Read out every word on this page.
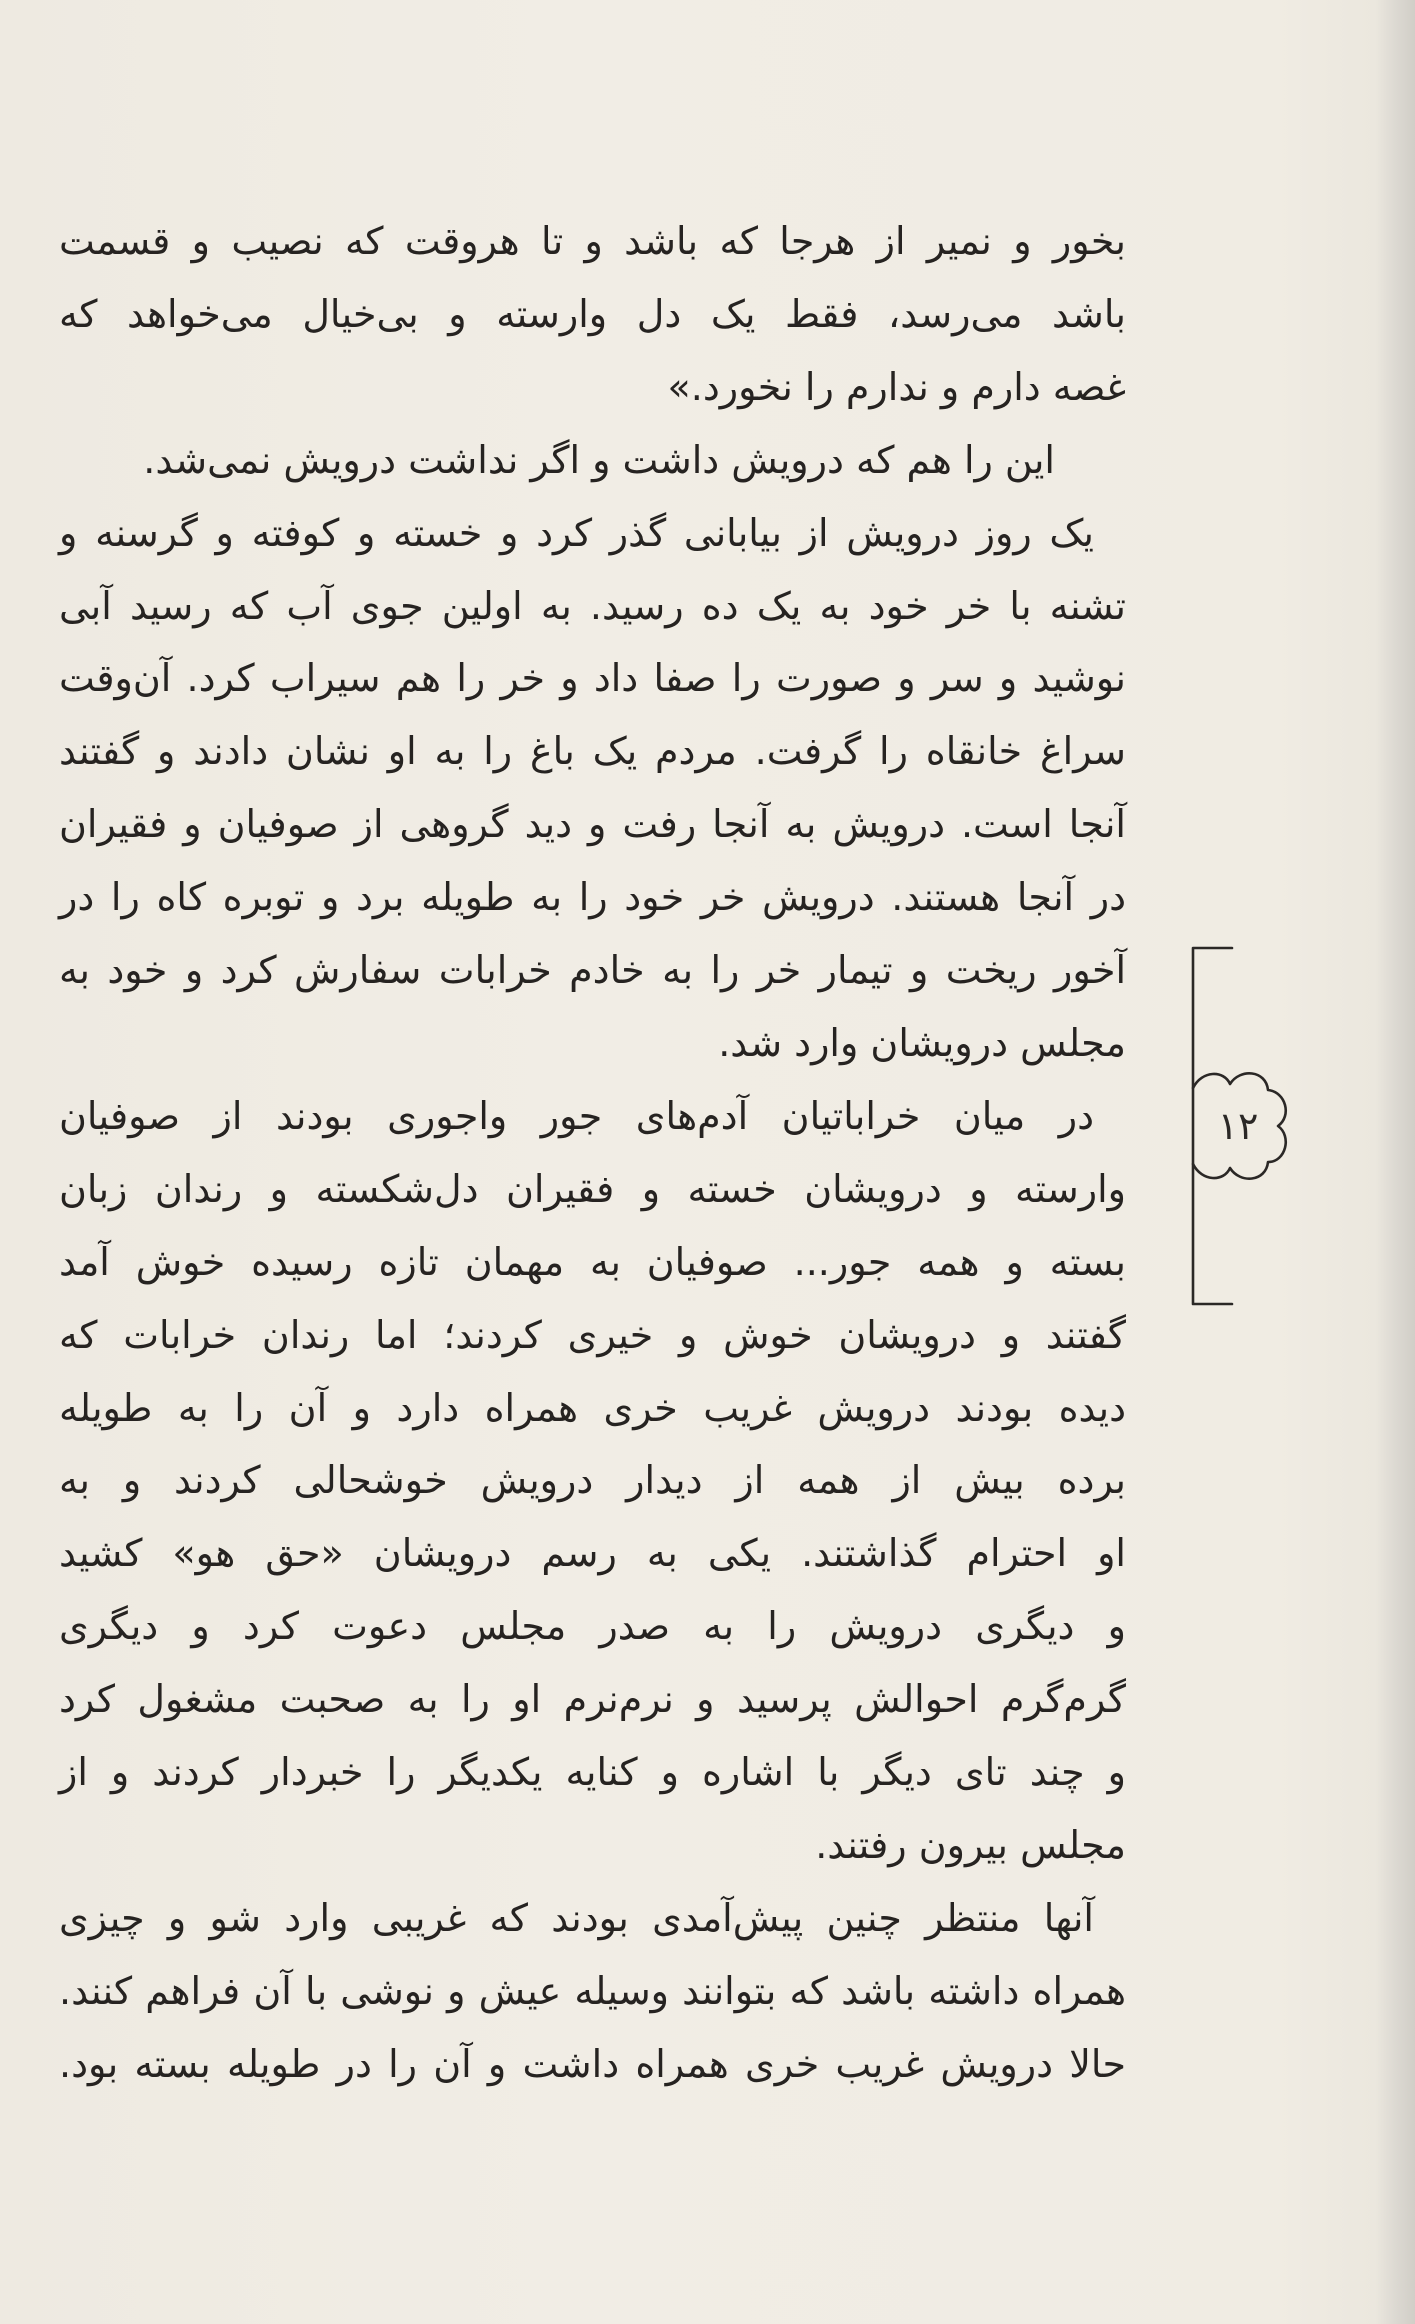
بخور و نمیر از هرجا که باشد و تا هروقت که نصیب و قسمت
باشد می‌رسد، فقط یک دل وارسته و بی‌خیال می‌خواهد که
غصه دارم و ندارم را نخورد.»
این را هم که درویش داشت و اگر نداشت درویش نمی‌شد.
یک روز درویش از بیابانی گذر کرد و خسته و کوفته و گرسنه و
تشنه با خر خود به یک ده رسید. به اولین جوی آب که رسید آبی
نوشید و سر و صورت را صفا داد و خر را هم سیراب کرد. آن‌وقت
سراغ خانقاه را گرفت. مردم یک باغ را به او نشان دادند و گفتند
آنجا است. درویش به آنجا رفت و دید گروهی از صوفیان و فقیران
در آنجا هستند. درویش خر خود را به طویله برد و توبره کاه را در
آخور ریخت و تیمار خر را به خادم خرابات سفارش کرد و خود به
مجلس درویشان وارد شد.
در میان خراباتیان آدم‌های جور واجوری بودند از صوفیان
وارسته و درویشان خسته و فقیران دل‌شکسته و رندان زبان
بسته و همه جور... صوفیان به مهمان تازه رسیده خوش آمد
گفتند و درویشان خوش و خیری کردند؛ اما رندان خرابات که
دیده بودند درویش غریب خری همراه دارد و آن را به طویله
برده بیش از همه از دیدار درویش خوشحالی کردند و به
او احترام گذاشتند. یکی به رسم درویشان «حق هو» کشید
و دیگری درویش را به صدر مجلس دعوت کرد و دیگری
گرم‌گرم احوالش پرسید و نرم‌نرم او را به صحبت مشغول کرد
و چند تای دیگر با اشاره و کنایه یکدیگر را خبردار کردند و از
مجلس بیرون رفتند.
آنها منتظر چنین پیش‌آمدی بودند که غریبی وارد شو و چیزی
همراه داشته باشد که بتوانند وسیله عیش و نوشی با آن فراهم کنند.
حالا درویش غریب خری همراه داشت و آن را در طویله بسته بود.
۱۲
